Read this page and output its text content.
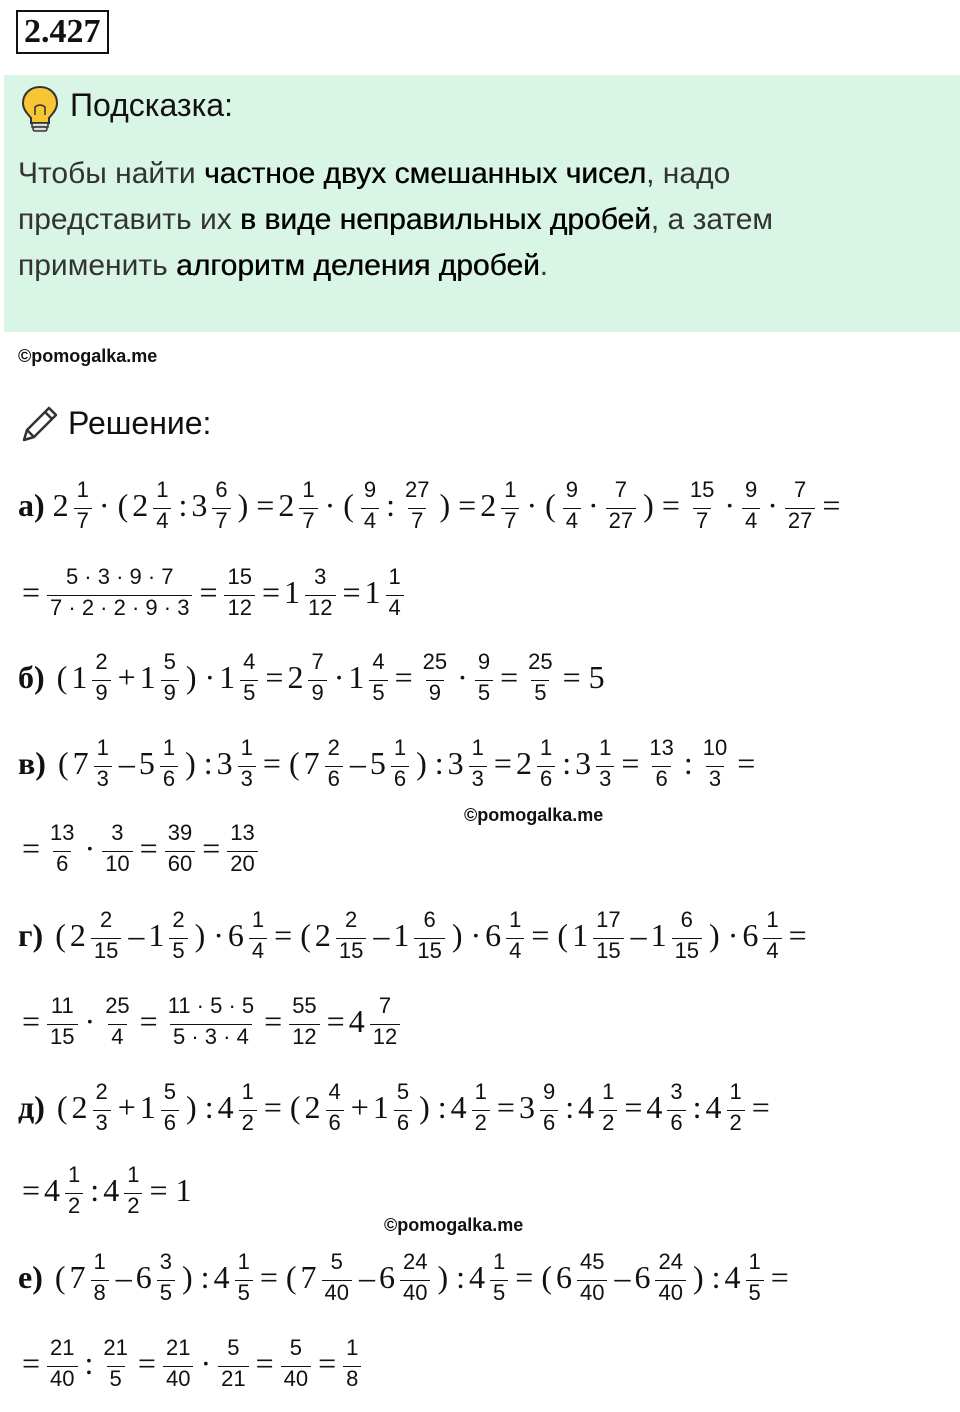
2.427
Подсказка:
Чтобы найти частное двух смешанных чисел, надо представить их в виде неправильных дробей, а затем применить алгоритм деления дробей.
©pomogalka.me
Решение:
а) $2 \frac{1}{7}$ · ( $2 \frac{1}{4}$ : $3 \frac{6}{7}$ ) = $2 \frac{1}{7}$ · ( $\frac{9}{4}$ : $\frac{27}{7}$ ) = $2 \frac{1}{7}$ · ( $\frac{9}{4} \cdot \frac{7}{27}$ ) = $\frac{15}{7} \cdot \frac{9}{4} \cdot \frac{7}{27}$ =
= $\frac{5 \cdot 3 \cdot 9 \cdot 7}{7 \cdot 2 \cdot 2 \cdot 9 \cdot 3} = \frac{15}{12} = 1 \frac{3}{12} = 1 \frac{1}{4}$
б) ( $1 \frac{2}{9} + 1 \frac{5}{9}$ ) · $1 \frac{4}{5} = 2 \frac{7}{9} \cdot 1 \frac{4}{5} = \frac{25}{9} \cdot \frac{9}{5} = \frac{25}{5} = 5$
в) ( $7 \frac{1}{3} - 5 \frac{1}{6}$ ) : $3 \frac{1}{3}$ = ( $7 \frac{2}{6} - 5 \frac{1}{6}$ ) : $3 \frac{1}{3} = 2 \frac{1}{6}$ : $3 \frac{1}{3} = \frac{13}{6}$ : $\frac{10}{3}$ =
= $\frac{13}{6} \cdot \frac{3}{10} = \frac{39}{60} = \frac{13}{20}$
г) ( $2 \frac{2}{15} - 1 \frac{2}{5}$ ) · $6 \frac{1}{4}$ = ( $2 \frac{2}{15} - 1 \frac{6}{15}$ ) · $6 \frac{1}{4}$ = ( $1 \frac{17}{15} - 1 \frac{6}{15}$ ) · $6 \frac{1}{4}$ =
= $\frac{11}{15} \cdot \frac{25}{4} = \frac{11 \cdot 5 \cdot 5}{5 \cdot 3 \cdot 4} = \frac{55}{12} = 4 \frac{7}{12}$
д) ( $2 \frac{2}{3} + 1 \frac{5}{6}$ ) : $4 \frac{1}{2}$ = ( $2 \frac{4}{6} + 1 \frac{5}{6}$ ) : $4 \frac{1}{2} = 3 \frac{9}{6}$ : $4 \frac{1}{2} = 4 \frac{3}{6}$ : $4 \frac{1}{2}$ =
= $4 \frac{1}{2}$ : $4 \frac{1}{2} = 1$
е) ( $7 \frac{1}{8} - 6 \frac{3}{5}$ ) : $4 \frac{1}{5}$ = ( $7 \frac{5}{40} - 6 \frac{24}{40}$ ) : $4 \frac{1}{5}$ = ( $6 \frac{45}{40} - 6 \frac{24}{40}$ ) : $4 \frac{1}{5}$ =
= $\frac{21}{40}$ : $\frac{21}{5} = \frac{21}{40} \cdot \frac{5}{21} = \frac{5}{40} = \frac{1}{8}$
©pomogalka.me
©pomogalka.me
